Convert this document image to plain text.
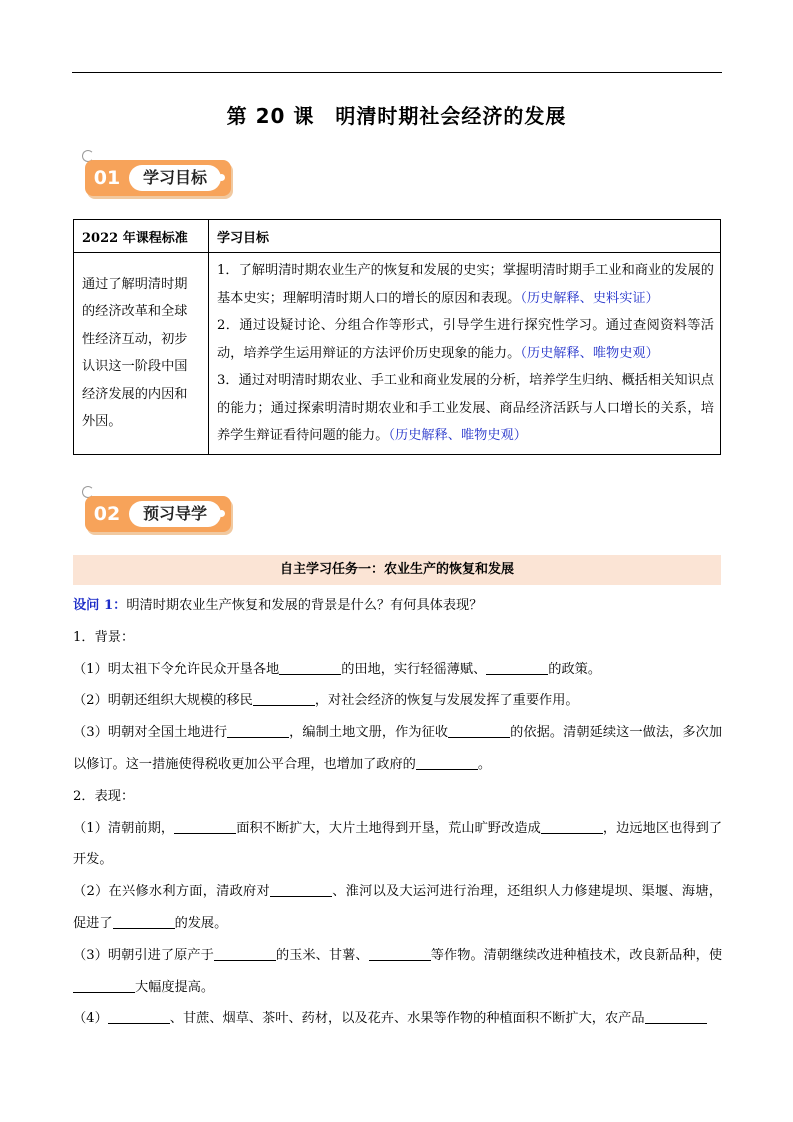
第 20 课　明清时期社会经济的发展
01	学习目标
2022 年课程标准	学习目标
通过了解明清时期的经济改革和全球性经济互动，初步认识这一阶段中国经济发展的内因和外因。	1．了解明清时期农业生产的恢复和发展的史实；掌握明清时期手工业和商业的发展的基本史实；理解明清时期人口的增长的原因和表现。（历史解释、史料实证）

2．通过设疑讨论、分组合作等形式，引导学生进行探究性学习。通过查阅资料等活动，培养学生运用辩证的方法评价历史现象的能力。（历史解释、唯物史观）

3．通过对明清时期农业、手工业和商业发展的分析，培养学生归纳、概括相关知识点的能力；通过探索明清时期农业和手工业发展、商品经济活跃与人口增长的关系，培养学生辩证看待问题的能力。（历史解释、唯物史观）

02	预习导学
自主学习任务一：农业生产的恢复和发展

设问 1：明清时期农业生产恢复和发展的背景是什么？有何具体表现？

1．背景：

（1）明太祖下令允许民众开垦各地	的田地，实行轻徭薄赋、	的政策。

（2）明朝还组织大规模的移民	，对社会经济的恢复与发展发挥了重要作用。

（3）明朝对全国土地进行	，编制土地文册，作为征收	的依据。清朝延续这一做法，多次加以修订。这一措施使得税收更加公平合理，也增加了政府的	。

2．表现：

（1）清朝前期，	面积不断扩大，大片土地得到开垦，荒山旷野改造成	，边远地区也得到了开发。

（2）在兴修水利方面，清政府对	、淮河以及大运河进行治理，还组织人力修建堤坝、渠堰、海塘，促进了	的发展。

（3）明朝引进了原产于	的玉米、甘薯、	等作物。清朝继续改进种植技术，改良新品种，使大幅度提高。

（4）	、甘蔗、烟草、茶叶、药材，以及花卉、水果等作物的种植面积不断扩大，农产品
